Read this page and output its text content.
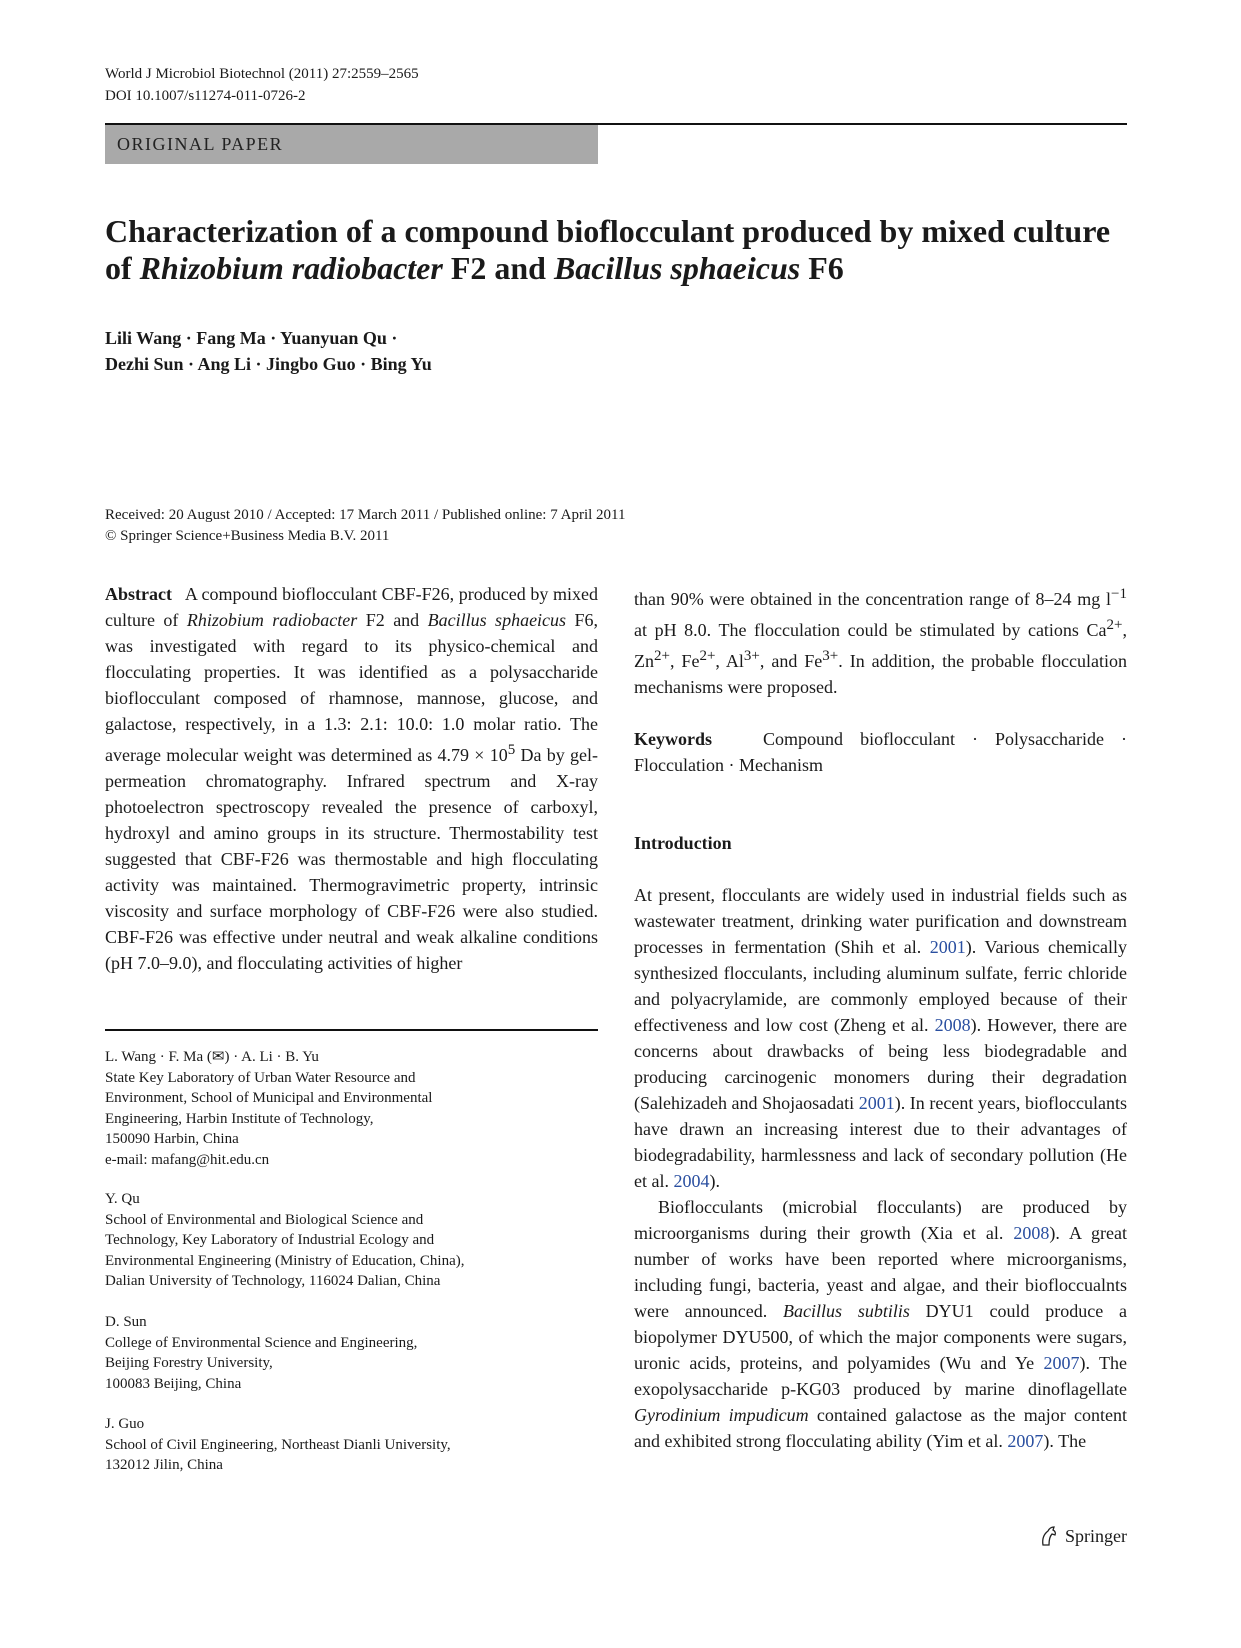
World J Microbiol Biotechnol (2011) 27:2559–2565
DOI 10.1007/s11274-011-0726-2
ORIGINAL PAPER
Characterization of a compound bioflocculant produced by mixed culture of Rhizobium radiobacter F2 and Bacillus sphaeicus F6
Lili Wang · Fang Ma · Yuanyuan Qu ·
Dezhi Sun · Ang Li · Jingbo Guo · Bing Yu
Received: 20 August 2010 / Accepted: 17 March 2011 / Published online: 7 April 2011
© Springer Science+Business Media B.V. 2011

Abstract A compound bioflocculant CBF-F26, produced by mixed culture of Rhizobium radiobacter F2 and Bacillus sphaeicus F6, was investigated with regard to its physico-chemical and flocculating properties. It was identified as a polysaccharide bioflocculant composed of rhamnose, mannose, glucose, and galactose, respectively, in a 1.3: 2.1: 10.0: 1.0 molar ratio. The average molecular weight was determined as $4.79 \times 10^5$ Da by gel-permeation chromatography. Infrared spectrum and X-ray photoelectron spectroscopy revealed the presence of carboxyl, hydroxyl and amino groups in its structure. Thermostability test suggested that CBF-F26 was thermostable and high flocculating activity was maintained. Thermogravimetric property, intrinsic viscosity and surface morphology of CBF-F26 were also studied. CBF-F26 was effective under neutral and weak alkaline conditions (pH 7.0–9.0), and flocculating activities of higher

L. Wang · F. Ma (✉) · A. Li · B. Yu
State Key Laboratory of Urban Water Resource and
Environment, School of Municipal and Environmental
Engineering, Harbin Institute of Technology,
150090 Harbin, China
e-mail: mafang@hit.edu.cn
Y. Qu
School of Environmental and Biological Science and
Technology, Key Laboratory of Industrial Ecology and
Environmental Engineering (Ministry of Education, China),
Dalian University of Technology, 116024 Dalian, China
D. Sun
College of Environmental Science and Engineering,
Beijing Forestry University,
100083 Beijing, China
J. Guo
School of Civil Engineering, Northeast Dianli University,
132012 Jilin, China

than 90% were obtained in the concentration range of 8–24 mg $l^{-1}$ at pH 8.0. The flocculation could be stimulated by cations $Ca^{2+}$, $Zn^{2+}$, $Fe^{2+}$, $Al^{3+}$, and $Fe^{3+}$. In addition, the probable flocculation mechanisms were proposed.

Keywords	Compound bioflocculant · Polysaccharide · Flocculation · Mechanism

Introduction

At present, flocculants are widely used in industrial fields such as wastewater treatment, drinking water purification and downstream processes in fermentation (Shih et al. 2001). Various chemically synthesized flocculants, including aluminum sulfate, ferric chloride and polyacrylamide, are commonly employed because of their effectiveness and low cost (Zheng et al. 2008). However, there are concerns about drawbacks of being less biodegradable and producing carcinogenic monomers during their degradation (Salehizadeh and Shojaosadati 2001). In recent years, bioflocculants have drawn an increasing interest due to their advantages of biodegradability, harmlessness and lack of secondary pollution (He et al. 2004).

Bioflocculants (microbial flocculants) are produced by microorganisms during their growth (Xia et al. 2008). A great number of works have been reported where microorganisms, including fungi, bacteria, yeast and algae, and their biofloccualnts were announced. Bacillus subtilis DYU1 could produce a biopolymer DYU500, of which the major components were sugars, uronic acids, proteins, and polyamides (Wu and Ye 2007). The exopolysaccharide p-KG03 produced by marine dinoflagellate Gyrodinium impudicum contained galactose as the major content and exhibited strong flocculating ability (Yim et al. 2007). The

Springer
